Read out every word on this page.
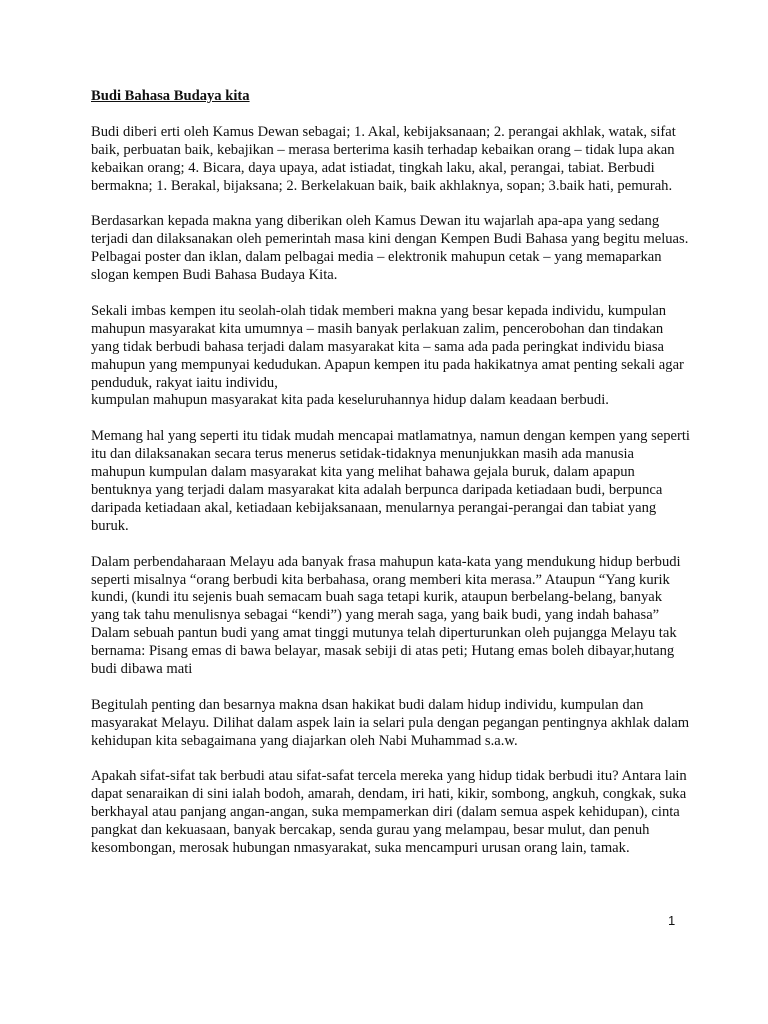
Budi Bahasa Budaya kita

Budi diberi erti oleh Kamus Dewan sebagai; 1. Akal, kebijaksanaan; 2. perangai akhlak, watak, sifat baik, perbuatan baik, kebajikan – merasa berterima kasih terhadap kebaikan orang – tidak lupa akan kebaikan orang; 4. Bicara, daya upaya, adat istiadat, tingkah laku, akal, perangai, tabiat. Berbudi bermakna; 1. Berakal, bijaksana; 2. Berkelakuan baik, baik akhlaknya, sopan; 3.baik hati, pemurah.

Berdasarkan kepada makna yang diberikan oleh Kamus Dewan itu wajarlah apa-apa yang sedang terjadi dan dilaksanakan oleh pemerintah masa kini dengan Kempen Budi Bahasa yang begitu meluas. Pelbagai poster dan iklan, dalam pelbagai media – elektronik mahupun cetak – yang memaparkan slogan kempen Budi Bahasa Budaya Kita.

Sekali imbas kempen itu seolah-olah tidak memberi makna yang besar kepada individu, kumpulan mahupun masyarakat kita umumnya – masih banyak perlakuan zalim, pencerobohan dan tindakan yang tidak berbudi bahasa terjadi dalam masyarakat kita – sama ada pada peringkat individu biasa mahupun yang mempunyai kedudukan. Apapun kempen itu pada hakikatnya amat penting sekali agar penduduk, rakyat iaitu individu,
kumpulan mahupun masyarakat kita pada keseluruhannya hidup dalam keadaan berbudi.

Memang hal yang seperti itu tidak mudah mencapai matlamatnya, namun dengan kempen yang seperti itu dan dilaksanakan secara terus menerus setidak-tidaknya menunjukkan masih ada manusia mahupun kumpulan dalam masyarakat kita yang melihat bahawa gejala buruk, dalam apapun bentuknya yang terjadi dalam masyarakat kita adalah berpunca daripada ketiadaan budi, berpunca daripada ketiadaan akal, ketiadaan kebijaksanaan, menularnya perangai-perangai dan tabiat yang buruk.

Dalam perbendaharaan Melayu ada banyak frasa mahupun kata-kata yang mendukung hidup berbudi seperti misalnya “orang berbudi kita berbahasa, orang memberi kita merasa.” Ataupun “Yang kurik kundi, (kundi itu sejenis buah semacam buah saga tetapi kurik, ataupun berbelang-belang, banyak yang tak tahu menulisnya sebagai “kendi”) yang merah saga, yang baik budi, yang indah bahasa” Dalam sebuah pantun budi yang amat tinggi mutunya telah diperturunkan oleh pujangga Melayu tak bernama: Pisang emas di bawa belayar, masak sebiji di atas peti; Hutang emas boleh dibayar,hutang budi dibawa mati

Begitulah penting dan besarnya makna dsan hakikat budi dalam hidup individu, kumpulan dan masyarakat Melayu. Dilihat dalam aspek lain ia selari pula dengan pegangan pentingnya akhlak dalam kehidupan kita sebagaimana yang diajarkan oleh Nabi Muhammad s.a.w.

Apakah sifat-sifat tak berbudi atau sifat-safat tercela mereka yang hidup tidak berbudi itu? Antara lain dapat senaraikan di sini ialah bodoh, amarah, dendam, iri hati, kikir, sombong, angkuh, congkak, suka berkhayal atau panjang angan-angan, suka mempamerkan diri (dalam semua aspek kehidupan), cinta pangkat dan kekuasaan, banyak bercakap, senda gurau yang melampau, besar mulut, dan penuh kesombongan, merosak hubungan nmasyarakat, suka mencampuri urusan orang lain, tamak.

1
